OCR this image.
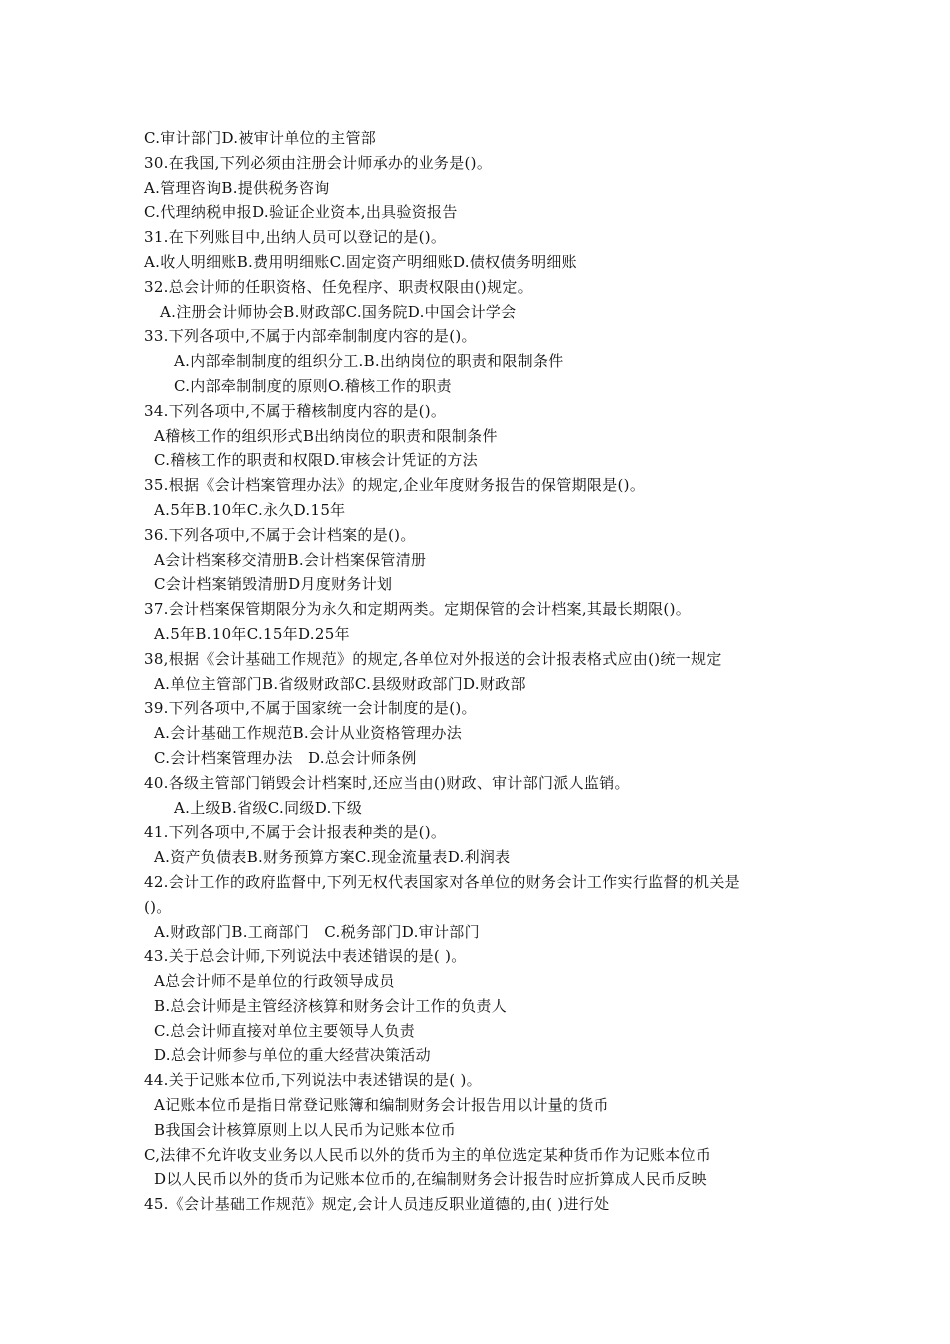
C.审计部门D.被审计单位的主管部
30.在我国,下列必须由注册会计师承办的业务是()。
A.管理咨询B.提供税务咨询
C.代理纳税申报D.验证企业资本,出具验资报告
31.在下列账目中,出纳人员可以登记的是()。
A.收人明细账B.费用明细账C.固定资产明细账D.债权债务明细账
32.总会计师的任职资格、任免程序、职责权限由()规定。
A.注册会计师协会B.财政部C.国务院D.中国会计学会
33.下列各项中,不属于内部牵制制度内容的是()。
A.内部牵制制度的组织分工.B.出纳岗位的职责和限制条件
C.内部牵制制度的原则O.稽核工作的职责
34.下列各项中,不属于稽核制度内容的是()。
A稽核工作的组织形式B出纳岗位的职责和限制条件
C.稽核工作的职责和权限D.审核会计凭证的方法
35.根据《会计档案管理办法》的规定,企业年度财务报告的保管期限是()。
A.5年B.10年C.永久D.15年
36.下列各项中,不属于会计档案的是()。
A会计档案移交清册B.会计档案保管清册
C会计档案销毁清册D月度财务计划
37.会计档案保管期限分为永久和定期两类。定期保管的会计档案,其最长期限()。
A.5年B.10年C.15年D.25年
38,根据《会计基础工作规范》的规定,各单位对外报送的会计报表格式应由()统一规定
A.单位主管部门B.省级财政部C.县级财政部门D.财政部
39.下列各项中,不属于国家统一会计制度的是()。
A.会计基础工作规范B.会计从业资格管理办法
C.会计档案管理办法　D.总会计师条例
40.各级主管部门销毁会计档案时,还应当由()财政、审计部门派人监销。
A.上级B.省级C.同级D.下级
41.下列各项中,不属于会计报表种类的是()。
A.资产负债表B.财务预算方案C.现金流量表D.利润表
42.会计工作的政府监督中,下列无权代表国家对各单位的财务会计工作实行监督的机关是
()。
A.财政部门B.工商部门　C.税务部门D.审计部门
43.关于总会计师,下列说法中表述错误的是( )。
A总会计师不是单位的行政领导成员
B.总会计师是主管经济核算和财务会计工作的负责人
C.总会计师直接对单位主要领导人负责
D.总会计师参与单位的重大经营决策活动
44.关于记账本位币,下列说法中表述错误的是( )。
A记账本位币是指日常登记账簿和编制财务会计报告用以计量的货币
B我国会计核算原则上以人民币为记账本位币
C,法律不允许收支业务以人民币以外的货币为主的单位选定某种货币作为记账本位币
D以人民币以外的货币为记账本位币的,在编制财务会计报告时应折算成人民币反映
45.《会计基础工作规范》规定,会计人员违反职业道德的,由( )进行处
